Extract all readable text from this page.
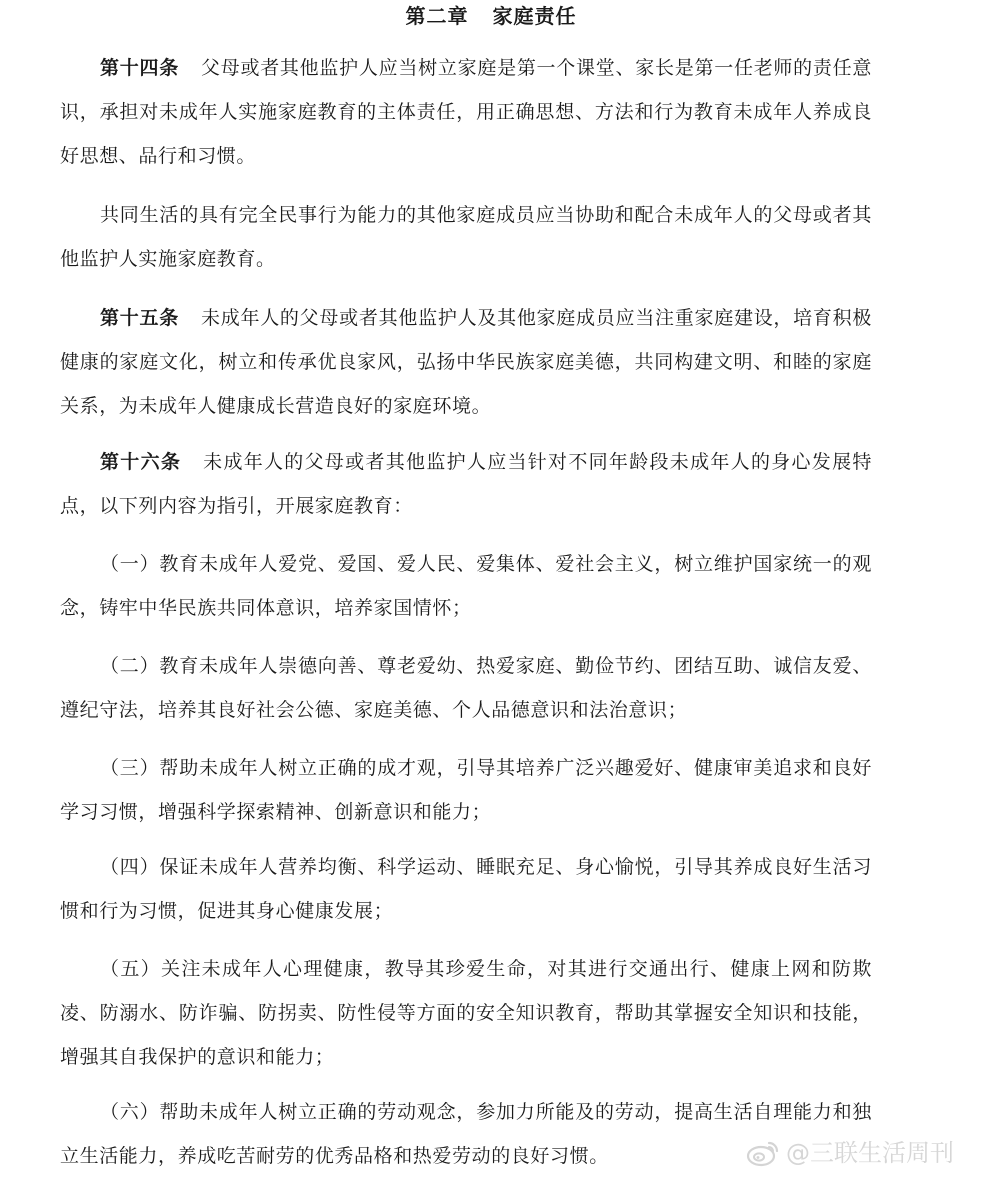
第二章 家庭责任

第十四条 父母或者其他监护人应当树立家庭是第一个课堂、家长是第一任老师的责任意识，承担对未成年人实施家庭教育的主体责任，用正确思想、方法和行为教育未成年人养成良好思想、品行和习惯。

共同生活的具有完全民事行为能力的其他家庭成员应当协助和配合未成年人的父母或者其他监护人实施家庭教育。

第十五条 未成年人的父母或者其他监护人及其他家庭成员应当注重家庭建设，培育积极健康的家庭文化，树立和传承优良家风，弘扬中华民族家庭美德，共同构建文明、和睦的家庭关系，为未成年人健康成长营造良好的家庭环境。

第十六条 未成年人的父母或者其他监护人应当针对不同年龄段未成年人的身心发展特点，以下列内容为指引，开展家庭教育：

（一）教育未成年人爱党、爱国、爱人民、爱集体、爱社会主义，树立维护国家统一的观念，铸牢中华民族共同体意识，培养家国情怀；

（二）教育未成年人崇德向善、尊老爱幼、热爱家庭、勤俭节约、团结互助、诚信友爱、遵纪守法，培养其良好社会公德、家庭美德、个人品德意识和法治意识；

（三）帮助未成年人树立正确的成才观，引导其培养广泛兴趣爱好、健康审美追求和良好学习习惯，增强科学探索精神、创新意识和能力；

（四）保证未成年人营养均衡、科学运动、睡眠充足、身心愉悦，引导其养成良好生活习惯和行为习惯，促进其身心健康发展；

（五）关注未成年人心理健康，教导其珍爱生命，对其进行交通出行、健康上网和防欺凌、防溺水、防诈骗、防拐卖、防性侵等方面的安全知识教育，帮助其掌握安全知识和技能，增强其自我保护的意识和能力；

（六）帮助未成年人树立正确的劳动观念，参加力所能及的劳动，提高生活自理能力和独立生活能力，养成吃苦耐劳的优秀品格和热爱劳动的良好习惯。	@三联生活周刊
